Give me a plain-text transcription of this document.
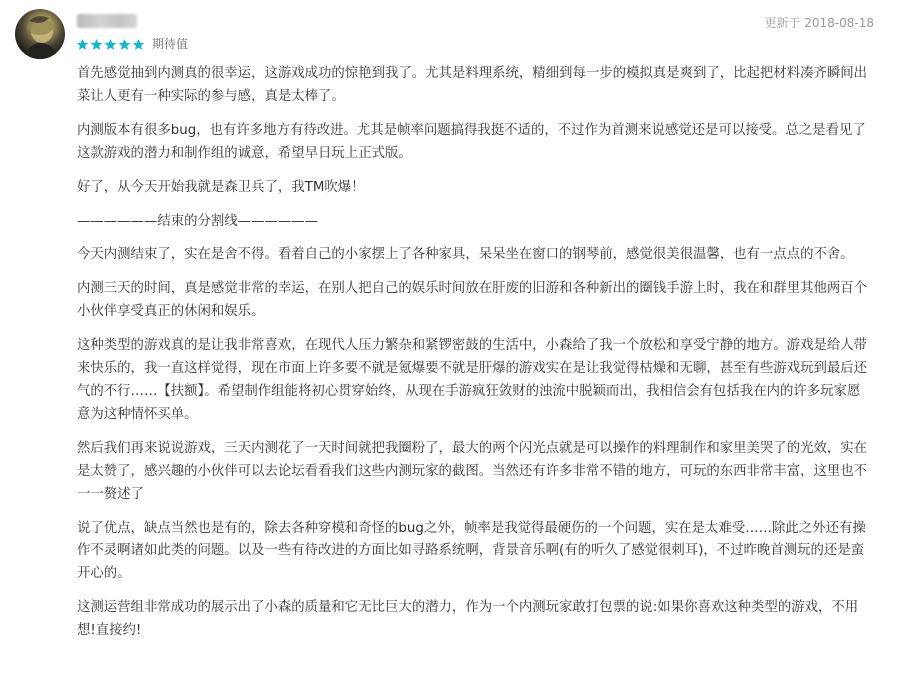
期待值
更新于 2018-08-18

首先感觉抽到内测真的很幸运，这游戏成功的惊艳到我了。尤其是料理系统，精细到每一步的模拟真是爽到了，比起把材料凑齐瞬间出菜让人更有一种实际的参与感，真是太棒了。

内测版本有很多bug，也有许多地方有待改进。尤其是帧率问题搞得我挺不适的，不过作为首测来说感觉还是可以接受。总之是看见了这款游戏的潜力和制作组的诚意，希望早日玩上正式版。

好了，从今天开始我就是森卫兵了，我TM吹爆！

——————结束的分割线——————

今天内测结束了，实在是舍不得。看着自己的小家摆上了各种家具，呆呆坐在窗口的钢琴前，感觉很美很温馨，也有一点点的不舍。

内测三天的时间，真是感觉非常的幸运，在别人把自己的娱乐时间放在肝废的旧游和各种新出的圈钱手游上时，我在和群里其他两百个小伙伴享受真正的休闲和娱乐。

这种类型的游戏真的是让我非常喜欢，在现代人压力繁杂和紧锣密鼓的生活中，小森给了我一个放松和享受宁静的地方。游戏是给人带来快乐的，我一直这样觉得，现在市面上许多要不就是氪爆要不就是肝爆的游戏实在是让我觉得枯燥和无聊，甚至有些游戏玩到最后还气的不行……【扶额】。希望制作组能将初心贯穿始终，从现在手游疯狂敛财的浊流中脱颖而出，我相信会有包括我在内的许多玩家愿意为这种情怀买单。

然后我们再来说说游戏，三天内测花了一天时间就把我圈粉了，最大的两个闪光点就是可以操作的料理制作和家里美哭了的光效，实在是太赞了，感兴趣的小伙伴可以去论坛看看我们这些内测玩家的截图。当然还有许多非常不错的地方，可玩的东西非常丰富，这里也不一一赘述了

说了优点，缺点当然也是有的，除去各种穿模和奇怪的bug之外，帧率是我觉得最硬伤的一个问题，实在是太难受……除此之外还有操作不灵啊诸如此类的问题。以及一些有待改进的方面比如寻路系统啊，背景音乐啊(有的听久了感觉很刺耳)，不过昨晚首测玩的还是蛮开心的。

这测运营组非常成功的展示出了小森的质量和它无比巨大的潜力，作为一个内测玩家敢打包票的说:如果你喜欢这种类型的游戏，不用想!直接约!
